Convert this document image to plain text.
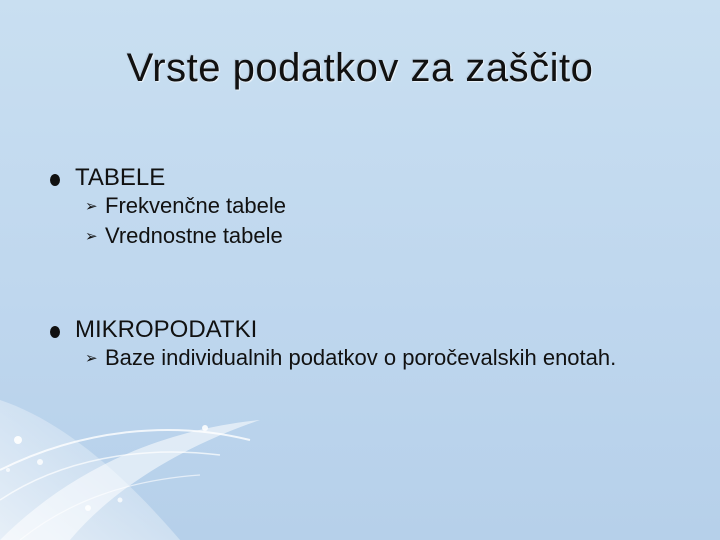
Vrste podatkov za zaščito
TABELE
➢ Frekvenčne tabele
➢ Vrednostne tabele
MIKROPODATKI
➢ Baze individualnih podatkov o poročevalskih enotah.
